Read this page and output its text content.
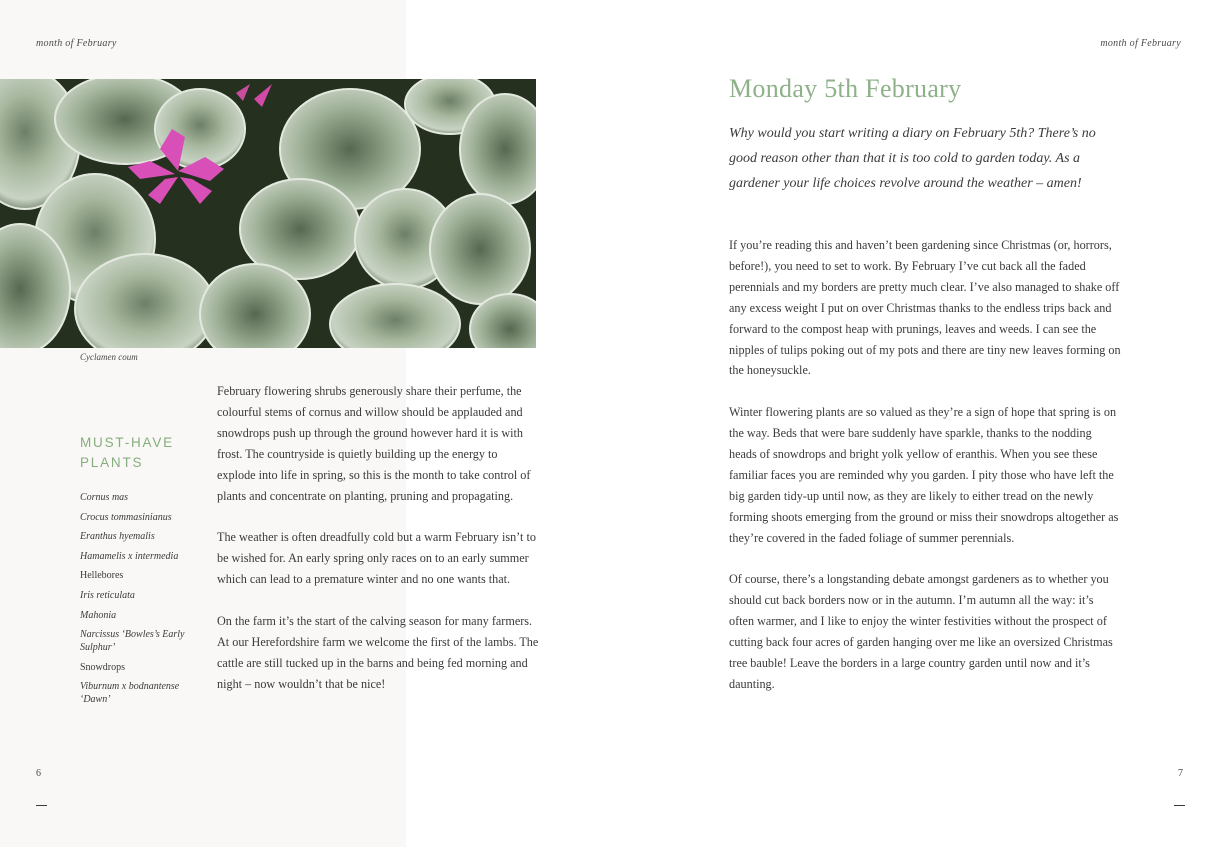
month of February	month of February
Cyclamen coum
MUST-HAVE
PLANTS
Cornus mas
Crocus tommasinianus
Eranthus hyemalis
Hamamelis x intermedia
Hellebores
Iris reticulata
Mahonia
Narcissus ‘Bowles’s Early Sulphur’
Snowdrops
Viburnum x bodnantense ‘Dawn’

February flowering shrubs generously share their perfume, the colourful stems of cornus and willow should be applauded and snowdrops push up through the ground however hard it is with frost. The countryside is quietly building up the energy to explode into life in spring, so this is the month to take control of plants and concentrate on planting, pruning and propagating.

The weather is often dreadfully cold but a warm February isn’t to be wished for. An early spring only races on to an early summer which can lead to a premature winter and no one wants that.

On the farm it’s the start of the calving season for many farmers. At our Herefordshire farm we welcome the first of the lambs. The cattle are still tucked up in the barns and being fed morning and night – now wouldn’t that be nice!

Monday 5th February
Why would you start writing a diary on February 5th? There’s no good reason other than that it is too cold to garden today. As a gardener your life choices revolve around the weather – amen!

If you’re reading this and haven’t been gardening since Christmas (or, horrors, before!), you need to set to work. By February I’ve cut back all the faded perennials and my borders are pretty much clear. I’ve also managed to shake off any excess weight I put on over Christmas thanks to the endless trips back and forward to the compost heap with prunings, leaves and weeds. I can see the nipples of tulips poking out of my pots and there are tiny new leaves forming on the honeysuckle.

Winter flowering plants are so valued as they’re a sign of hope that spring is on the way. Beds that were bare suddenly have sparkle, thanks to the nodding heads of snowdrops and bright yolk yellow of eranthis. When you see these familiar faces you are reminded why you garden. I pity those who have left the big garden tidy-up until now, as they are likely to either tread on the newly forming shoots emerging from the ground or miss their snowdrops altogether as they’re covered in the faded foliage of summer perennials.

Of course, there’s a longstanding debate amongst gardeners as to whether you should cut back borders now or in the autumn. I’m autumn all the way: it’s often warmer, and I like to enjoy the winter festivities without the prospect of cutting back four acres of garden hanging over me like an oversized Christmas tree bauble! Leave the borders in a large country garden until now and it’s daunting.

6	7
